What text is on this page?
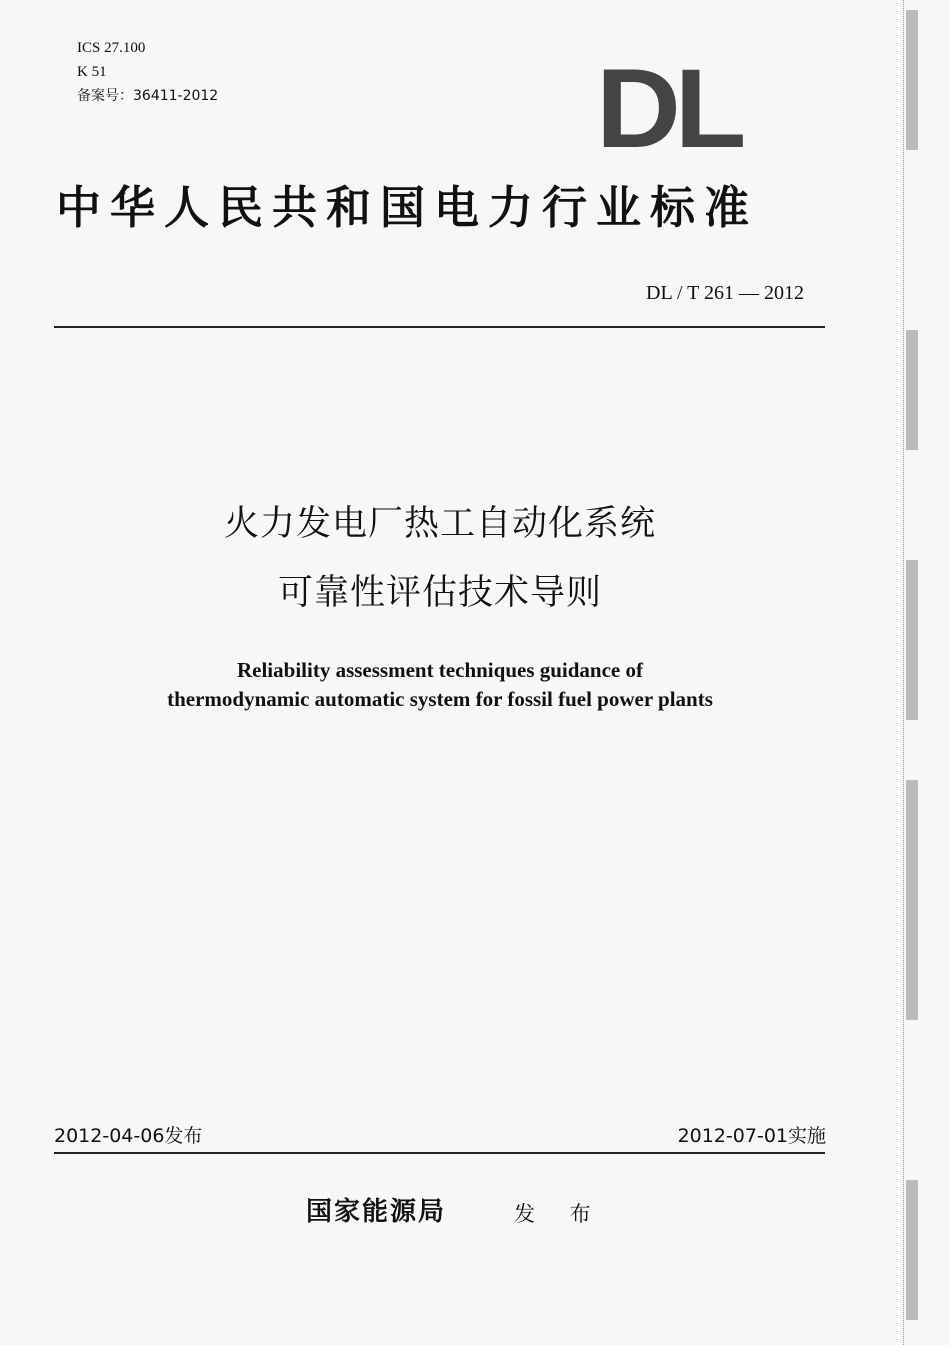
ICS 27.100
K 51
备案号：36411-2012	DL
中华人民共和国电力行业标准
DL / T 261 — 2012
火力发电厂热工自动化系统
可靠性评估技术导则
Reliability assessment techniques guidance of
thermodynamic automatic system for fossil fuel power plants
2012-04-06发布	2012-07-01实施
国家能源局	发 布
